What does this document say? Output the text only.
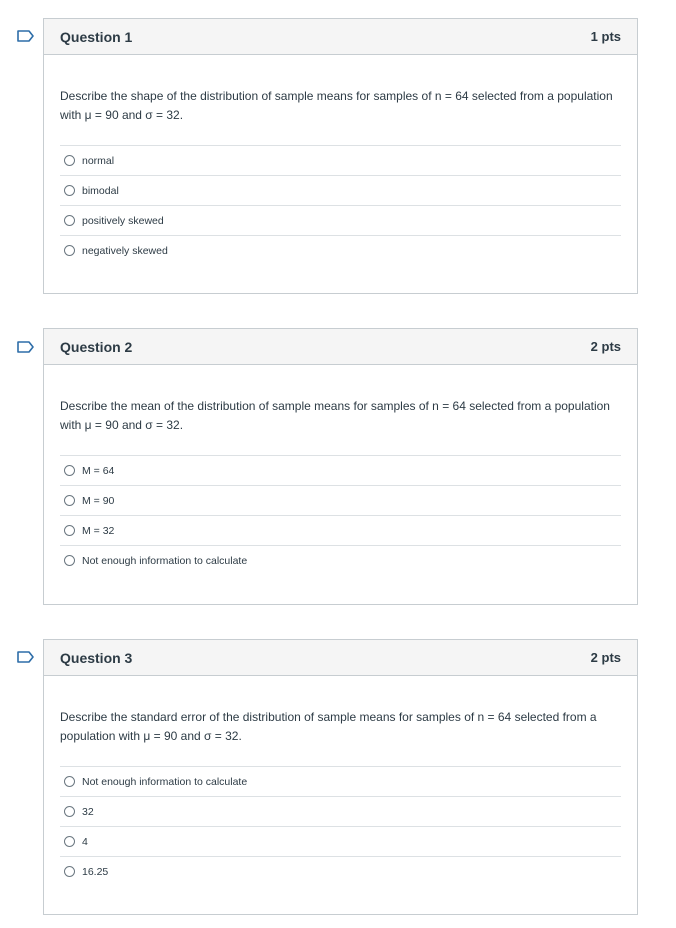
Question 1	1 pts

Describe the shape of the distribution of sample means for samples of n = 64 selected from a population with μ = 90 and σ = 32.

normal
bimodal
positively skewed
negatively skewed
Question 2	2 pts

Describe the mean of the distribution of sample means for samples of n = 64 selected from a population with μ = 90 and σ = 32.

M = 64
M = 90
M = 32
Not enough information to calculate
Question 3	2 pts

Describe the standard error of the distribution of sample means for samples of n = 64 selected from a population with μ = 90 and σ = 32.

Not enough information to calculate
32
4
16.25
